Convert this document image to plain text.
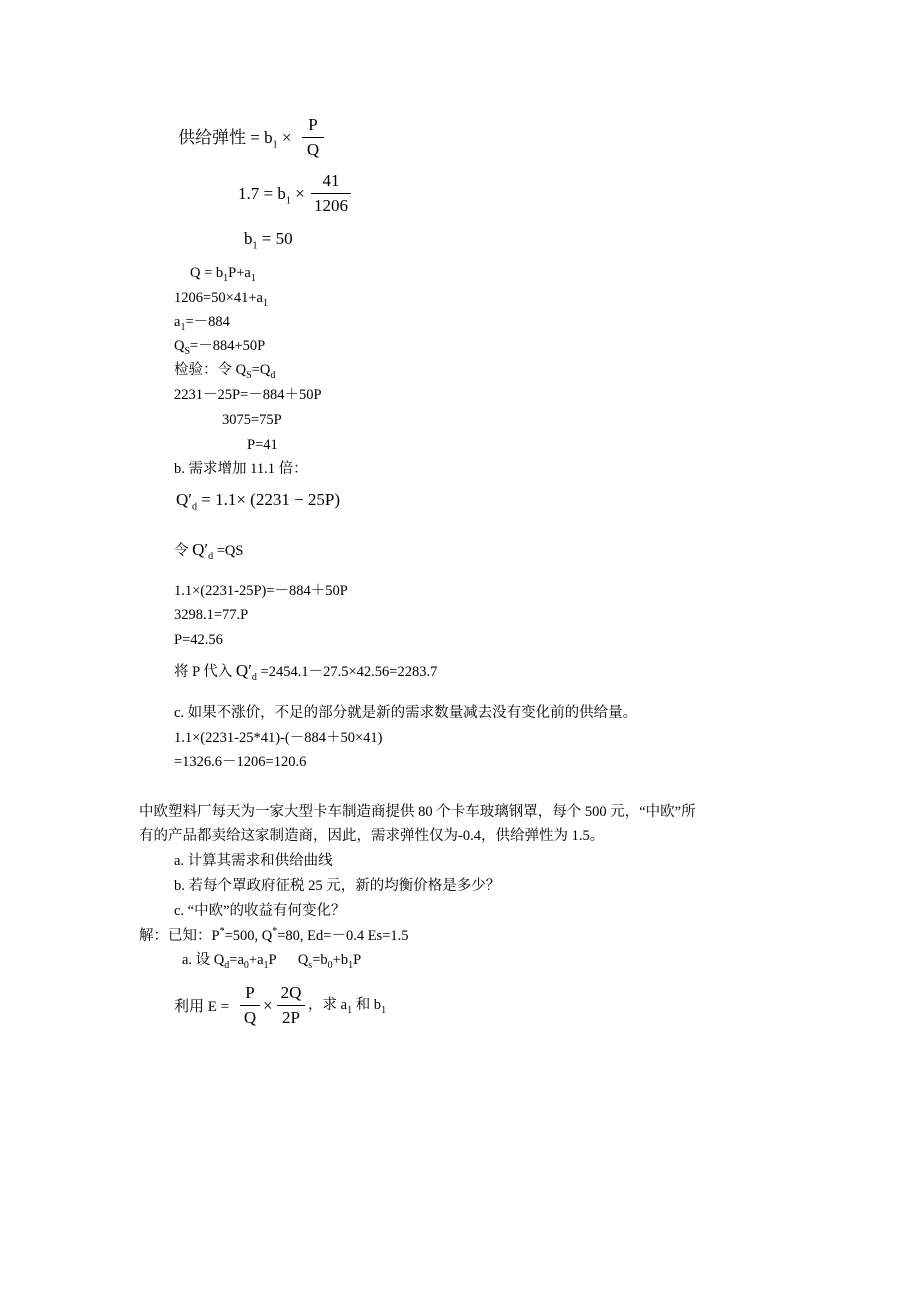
供给弹性 = $b_1$ ×
P
Q
$1.7 = b_1$ ×
41
1206
$b_1 = 50$
$Q = b_1P+a_1$
$1206=50\times 41+a_1$
$a_1=-884$
$Q_S=-884+50P$
检验：令 $Q_S=Q_d$
2231－25P=－884＋50P
3075=75P
P=41
b. 需求增加 11.1 倍：
$Q'_d = 1.1\times (2231 - 25P)$
令 $Q'_d =QS$
1.1×(2231-25P)=－884＋50P
3298.1=77.P
P=42.56
将 P 代入 $Q'_d =2454.1-27.5\times 42.56=2283.7$
c. 如果不涨价，不足的部分就是新的需求数量减去没有变化前的供给量。
1.1×(2231-25*41)-(－884＋50×41)
=1326.6－1206=120.6
中欧塑料厂每天为一家大型卡车制造商提供 80 个卡车玻璃钢罩，每个 500 元，“中欧”所
有的产品都卖给这家制造商，因此，需求弹性仅为-0.4，供给弹性为 1.5。
a. 计算其需求和供给曲线
b. 若每个罩政府征税 25 元，新的均衡价格是多少？
c. “中欧”的收益有何变化？
解：已知：P*=500, Q*=80, Ed=－0.4 Es=1.5
a. 设 $Q_d=a_0+a_1P$      $Q_s=b_0+b_1P$
利用 E =
P
Q
×
2Q
2P
，求 $a_1$ 和 $b_1$
